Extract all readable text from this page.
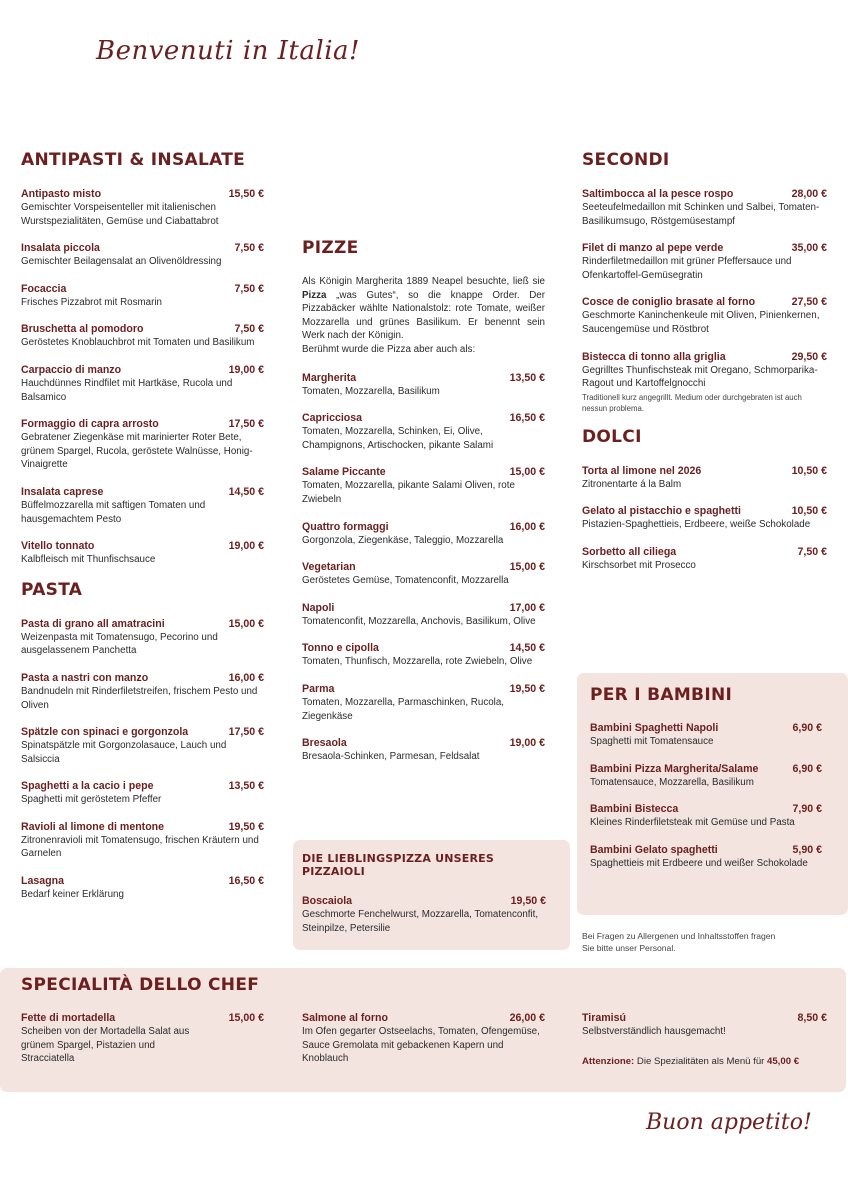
Benvenuti in Italia!
ANTIPASTI & INSALATE
Antipasto misto	15,50 €
Gemischter Vorspeisenteller mit italienischen Wurstspezialitäten, Gemüse und Ciabattabrot
Insalata piccola	7,50 €
Gemischter Beilagensalat an Olivenöldressing
Focaccia	7,50 €
Frisches Pizzabrot mit Rosmarin
Bruschetta al pomodoro	7,50 €
Geröstetes Knoblauchbrot mit Tomaten und Basilikum
Carpaccio di manzo	19,00 €
Hauchdünnes Rindfilet mit Hartkäse, Rucola und Balsamico
Formaggio di capra arrosto	17,50 €
Gebratener Ziegenkäse mit marinierter Roter Bete, grünem Spargel, Rucola, geröstete Walnüsse, Honig-Vinaigrette
Insalata caprese	14,50 €
Büffelmozzarella mit saftigen Tomaten und hausgemachtem Pesto
Vitello tonnato	19,00 €
Kalbfleisch mit Thunfischsauce
PASTA
Pasta di grano all amatracini	15,00 €
Weizenpasta mit Tomatensugo, Pecorino und ausgelassenem Panchetta
Pasta a nastri con manzo	16,00 €
Bandnudeln mit Rinderfiletstreifen, frischem Pesto und Oliven
Spätzle con spinaci e gorgonzola	17,50 €
Spinatspätzle mit Gorgonzolasauce, Lauch und Salsiccia
Spaghetti a la cacio i pepe	13,50 €
Spaghetti mit geröstetem Pfeffer
Ravioli al limone di mentone	19,50 €
Zitronenravioli mit Tomatensugo, frischen Kräutern und Garnelen
Lasagna	16,50 €
Bedarf keiner Erklärung
PIZZE
Als Königin Margherita 1889 Neapel besuchte, ließ sie Pizza „was Gutes“, so die knappe Order. Der Pizzabäcker wählte Nationalstolz: rote Tomate, weißer Mozzarella und grünes Basilikum. Er benennt sein Werk nach der Königin.
Berühmt wurde die Pizza aber auch als:
Margherita	13,50 €
Tomaten, Mozzarella, Basilikum
Capricciosa	16,50 €
Tomaten, Mozzarella, Schinken, Ei, Olive, Champignons, Artischocken, pikante Salami
Salame Piccante	15,00 €
Tomaten, Mozzarella, pikante Salami Oliven, rote Zwiebeln
Quattro formaggi	16,00 €
Gorgonzola, Ziegenkäse, Taleggio, Mozzarella
Vegetarian	15,00 €
Geröstetes Gemüse, Tomatenconfit, Mozzarella
Napoli	17,00 €
Tomatenconfit, Mozzarella, Anchovis, Basilikum, Olive
Tonno e cipolla	14,50 €
Tomaten, Thunfisch, Mozzarella, rote Zwiebeln, Olive
Parma	19,50 €
Tomaten, Mozzarella, Parmaschinken, Rucola, Ziegenkäse
Bresaola	19,00 €
Bresaola-Schinken, Parmesan, Feldsalat
DIE LIEBLINGSPIZZA UNSERES PIZZAIOLI
Boscaiola	19,50 €
Geschmorte Fenchelwurst, Mozzarella, Tomatenconfit, Steinpilze, Petersilie
SECONDI
Saltimbocca al la pesce rospo	28,00 €
Seeteufelmedaillon mit Schinken und Salbei, Tomaten-Basilikumsugo, Röstgemüsestampf
Filet di manzo al pepe verde	35,00 €
Rinderfiletmedaillon mit grüner Pfeffersauce und Ofenkartoffel-Gemüsegratin
Cosce de coniglio brasate al forno	27,50 €
Geschmorte Kaninchenkeule mit Oliven, Pinienkernen, Saucengemüse und Röstbrot
Bistecca di tonno alla griglia	29,50 €
Gegrilltes Thunfischsteak mit Oregano, Schmorparika-Ragout und Kartoffelgnocchi
Traditionell kurz angegrillt. Medium oder durchgebraten ist auch nessun problema.
DOLCI
Torta al limone nel 2026	10,50 €
Zitronentarte á la Balm
Gelato al pistacchio e spaghetti	10,50 €
Pistazien-Spaghettieis, Erdbeere, weiße Schokolade
Sorbetto all ciliega	7,50 €
Kirschsorbet mit Prosecco
PER I BAMBINI
Bambini Spaghetti Napoli	6,90 €
Spaghetti mit Tomatensauce
Bambini Pizza Margherita/Salame	6,90 €
Tomatensauce, Mozzarella, Basilikum
Bambini Bistecca	7,90 €
Kleines Rinderfiletsteak mit Gemüse und Pasta
Bambini Gelato spaghetti	5,90 €
Spaghettieis mit Erdbeere und weißer Schokolade
Bei Fragen zu Allergenen und Inhaltsstoffen fragen Sie bitte unser Personal.
SPECIALITÀ DELLO CHEF
Fette di mortadella	15,00 €
Scheiben von der Mortadella Salat aus grünem Spargel, Pistazien und Stracciatella
Salmone al forno	26,00 €
Im Ofen gegarter Ostseelachs, Tomaten, Ofengemüse, Sauce Gremolata mit gebackenen Kapern und Knoblauch
Tiramisú	8,50 €
Selbstverständlich hausgemacht!
Attenzione: Die Spezialitäten als Menü für 45,00 €
Buon appetito!
